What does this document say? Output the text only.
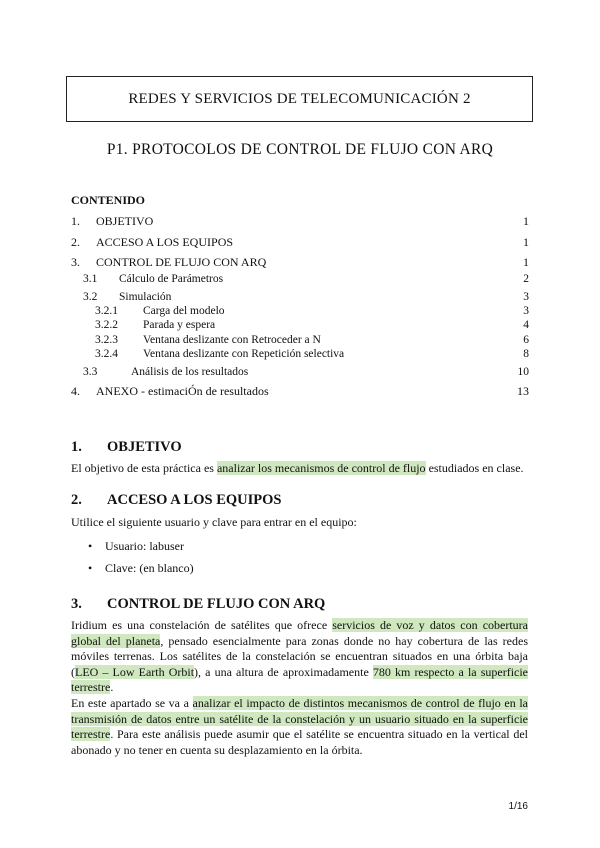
REDES Y SERVICIOS DE TELECOMUNICACIÓN 2
P1. PROTOCOLOS DE CONTROL DE FLUJO CON ARQ
CONTENIDO
1. OBJETIVO	1
2. ACCESO A LOS EQUIPOS	1
3. CONTROL DE FLUJO CON ARQ	1
3.1 Cálculo de Parámetros	2
3.2 Simulación	3
3.2.1 Carga del modelo	3
3.2.2 Parada y espera	4
3.2.3 Ventana deslizante con Retroceder a N	6
3.2.4 Ventana deslizante con Repetición selectiva	8
3.3	Análisis de los resultados	10
4. ANEXO - estimaciÓn de resultados	13
1. OBJETIVO
El objetivo de esta práctica es analizar los mecanismos de control de flujo estudiados en clase.
2. ACCESO A LOS EQUIPOS
Utilice el siguiente usuario y clave para entrar en el equipo:
• Usuario: labuser
• Clave: (en blanco)
3. CONTROL DE FLUJO CON ARQ
Iridium es una constelación de satélites que ofrece servicios de voz y datos con cobertura global del planeta, pensado esencialmente para zonas donde no hay cobertura de las redes móviles terrenas. Los satélites de la constelación se encuentran situados en una órbita baja (LEO – Low Earth Orbit), a una altura de aproximadamente 780 km respecto a la superficie terrestre.
En este apartado se va a analizar el impacto de distintos mecanismos de control de flujo en la transmisión de datos entre un satélite de la constelación y un usuario situado en la superficie terrestre. Para este análisis puede asumir que el satélite se encuentra situado en la vertical del abonado y no tener en cuenta su desplazamiento en la órbita.
1/16
